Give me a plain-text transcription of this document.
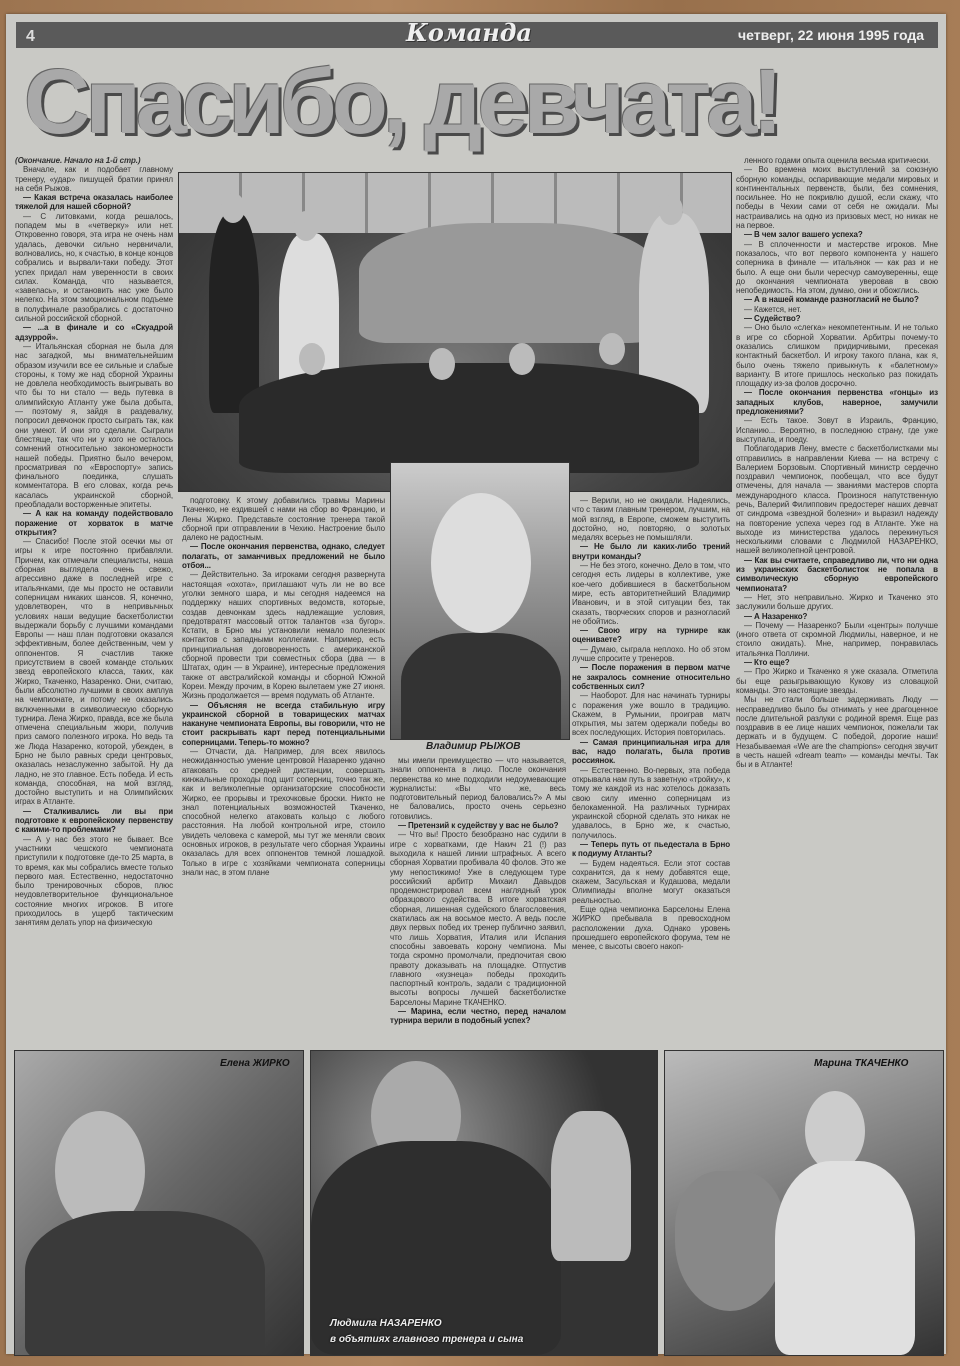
4	Команда	четверг, 22 июня 1995 года
Спасибо, девчата!

(Окончание. Начало на 1-й стр.)

Вначале, как и подобает главному тренеру, «удар» пишущей братии принял на себя Рыжов.

— Какая встреча оказалась наиболее тяжелой для нашей сборной?

— С литовками, когда решалось, попадем мы в «четверку» или нет. Откровенно говоря, эта игра не очень нам удалась, девочки сильно нервничали, волновались, но, к счастью, в конце концов собрались и вырвали-таки победу. Этот успех придал нам уверенности в своих силах. Команда, что называется, «завелась», и остановить нас уже было нелегко. На этом эмоциональном подъеме в полуфинале разобрались с достаточно сильной российской сборной.

— ...а в финале и со «Скуадрой адзуррой».

— Итальянская сборная не была для нас загадкой, мы внимательнейшим образом изучили все ее сильные и слабые стороны, к тому же над сборной Украины не довлела необходимость выигрывать во что бы то ни стало — ведь путевка в олимпийскую Атланту уже была добыта, — поэтому я, зайдя в раздевалку, попросил девчонок просто сыграть так, как они умеют. И они это сделали. Сыграли блестяще, так что ни у кого не осталось сомнений относительно закономерности нашей победы. Приятно было вечером, просматривая по «Евроспорту» запись финального поединка, слушать комментатора. В его словах, когда речь касалась украинской сборной, преобладали восторженные эпитеты.

— А как на команду подействовало поражение от хорваток в матче открытия?

— Спасибо! После этой осечки мы от игры к игре постоянно прибавляли. Причем, как отмечали специалисты, наша сборная выглядела очень свежо, агрессивно даже в последней игре с итальянками, где мы просто не оставили соперницам никаких шансов. Я, конечно, удовлетворен, что в непривычных условиях наши ведущие баскетболистки выдержали борьбу с лучшими командами Европы — наш план подготовки оказался эффективным, более действенным, чем у оппонентов. Я счастлив также присутствием в своей команде стольких звезд европейского класса, таких, как Жирко, Ткаченко, Назаренко. Они, считаю, были абсолютно лучшими в своих амплуа на чемпионате, и потому не оказались включенными в символическую сборную турнира. Лена Жирко, правда, все же была отмечена специальным жюри, получив приз самого полезного игрока. Но ведь та же Люда Назаренко, которой, убежден, в Брно не было равных среди центровых, оказалась незаслуженно забытой. Ну да ладно, не это главное. Есть победа. И есть команда, способная, на мой взгляд, достойно выступить и на Олимпийских играх в Атланте.

— Сталкивались ли вы при подготовке к европейскому первенству с какими-то проблемами?

— А у нас без этого не бывает. Все участники чешского чемпионата приступили к подготовке где-то 25 марта, в то время, как мы собрались вместе только первого мая. Естественно, недостаточно было тренировочных сборов, плюс неудовлетворительное функциональное состояние многих игроков. В итоге приходилось в ущерб тактическим занятиям делать упор на физическую

Владимир РЫЖОВ

подготовку. К этому добавились травмы Марины Ткаченко, не ездившей с нами на сбор во Францию, и Лены Жирко. Представьте состояние тренера такой сборной при отправлении в Чехию. Настроение было далеко не радостным.

— После окончания первенства, однако, следует полагать, от заманчивых предложений не было отбоя...

— Действительно. За игроками сегодня развернута настоящая «охота», приглашают чуть ли не во все уголки земного шара, и мы сегодня надеемся на поддержку наших спортивных ведомств, которые, создав девчонкам здесь надлежащие условия, предотвратят массовый отток талантов «за бугор». Кстати, в Брно мы установили немало полезных контактов с западными коллегами. Например, есть принципиальная договоренность с американской сборной провести три совместных сбора (два — в Штатах, один — в Украине), интересные предложения также от австралийской команды и сборной Южной Кореи. Между прочим, в Корею вылетаем уже 27 июня. Жизнь продолжается — время подумать об Атланте.

— Объясняя не всегда стабильную игру украинской сборной в товарищеских матчах накануне чемпионата Европы, вы говорили, что не стоит раскрывать карт перед потенциальными соперницами. Теперь-то можно?

— Отчасти, да. Например, для всех явилось неожиданностью умение центровой Назаренко удачно атаковать со средней дистанции, совершать кинжальные проходы под щит соперниц, точно так же, как и великолепные организаторские способности Жирко, ее прорывы и трехочковые броски. Никто не знал потенциальных возможностей Ткаченко, способной нелегко атаковать кольцо с любого расстояния. На любой контрольной игре, стоило увидеть человека с камерой, мы тут же меняли своих основных игроков, в результате чего сборная Украины оказалась для всех оппонентов темной лошадкой. Только в игре с хозяйками чемпионата соперницы знали нас, в этом плане

мы имели преимущество — что называется, знали оппонента в лицо. После окончания первенства ко мне подходили недоумевающие журналисты: «Вы что же, весь подготовительный период баловались?» А мы не баловались, просто очень серьезно готовились.

— Претензий к судейству у вас не было?

— Что вы! Просто безобразно нас судили в игре с хорватками, где Накич 21 (!) раз выходила к нашей линии штрафных. А всего сборная Хорватии пробивала 40 фолов. Это же уму непостижимо! Уже в следующем туре российский арбитр Михаил Давыдов продемонстрировал всем наглядный урок образцового судейства. В итоге хорватская сборная, лишенная судейского благословения, скатилась аж на восьмое место. А ведь после двух первых побед их тренер публично заявил, что лишь Хорватия, Италия или Испания способны завоевать корону чемпиона. Мы тогда скромно промолчали, предпочитая свою правоту доказывать на площадке. Отпустив главного «кузнеца» победы проходить паспортный контроль, задали с традиционной высоты вопросы лучшей баскетболистке Барселоны Марине ТКАЧЕНКО.

— Марина, если честно, перед началом турнира верили в подобный успех?

— Верили, но не ожидали. Надеялись, что с таким главным тренером, лучшим, на мой взгляд, в Европе, сможем выступить достойно, но, повторяю, о золотых медалях всерьез не помышляли.

— Не было ли каких-либо трений внутри команды?

— Не без этого, конечно. Дело в том, что сегодня есть лидеры в коллективе, уже кое-чего добившиеся в баскетбольном мире, есть авторитетнейший Владимир Иванович, и в этой ситуации без, так сказать, творческих споров и разногласий не обойтись.

— Свою игру на турнире как оцениваете?

— Думаю, сыграла неплохо. Но об этом лучше спросите у тренеров.

— После поражения в первом матче не закралось сомнение относительно собственных сил?

— Наоборот. Для нас начинать турниры с поражения уже вошло в традицию. Скажем, в Румынии, проиграв матч открытия, мы затем одержали победы во всех последующих. История повторилась.

— Самая принципиальная игра для вас, надо полагать, была против россиянок.

— Естественно. Во-первых, эта победа открывала нам путь в заветную «тройку», к тому же каждой из нас хотелось доказать свою силу именно соперницам из белокаменной. На различных турнирах украинской сборной сделать это никак не удавалось, в Брно же, к счастью, получилось.

— Теперь путь от пьедестала в Брно к подиуму Атланты?

— Будем надеяться. Если этот состав сохранится, да к нему добавятся еще, скажем, Засульская и Кудашова, медали Олимпиады вполне могут оказаться реальностью.

Еще одна чемпионка Барселоны Елена ЖИРКО пребывала в превосходном расположении духа. Однако уровень прошедшего европейского форума, тем не менее, с высоты своего накоп-

ленного годами опыта оценила весьма критически.

— Во времена моих выступлений за союзную сборную команды, оспаривающие медали мировых и континентальных первенств, были, без сомнения, посильнее. Но не покривлю душой, если скажу, что победы в Чехии сами от себя не ожидали. Мы настраивались на одно из призовых мест, но никак не на первое.

— В чем залог вашего успеха?

— В сплоченности и мастерстве игроков. Мне показалось, что вот первого компонента у нашего соперника в финале — итальянок — как раз и не было. А еще они были чересчур самоуверенны, еще до окончания чемпионата уверовав в свою непобедимость. На этом, думаю, они и обожглись.

— А в нашей команде разногласий не было?

— Кажется, нет.

— Судейство?

— Оно было «слегка» некомпетентным. И не только в игре со сборной Хорватии. Арбитры почему-то оказались слишком придирчивыми, пресекая контактный баскетбол. И игроку такого плана, как я, было очень тяжело привыкнуть к «балетному» варианту. В итоге пришлось несколько раз покидать площадку из-за фолов досрочно.

— После окончания первенства «гонцы» из западных клубов, наверное, замучили предложениями?

— Есть такое. Зовут в Израиль, Францию, Испанию... Вероятно, в последнюю страну, где уже выступала, и поеду.

Поблагодарив Лену, вместе с баскетболистками мы отправились в направлении Киева — на встречу с Валерием Борзовым. Спортивный министр сердечно поздравил чемпионок, пообещал, что все будут отмечены, для начала — званиями мастеров спорта международного класса. Произнося напутственную речь, Валерий Филиппович предостерег наших девчат от синдрома «звездной болезни» и выразил надежду на повторение успеха через год в Атланте. Уже на выходе из министерства удалось перекинуться несколькими словами с Людмилой НАЗАРЕНКО, нашей великолепной центровой.

— Как вы считаете, справедливо ли, что ни одна из украинских баскетболисток не попала в символическую сборную европейского чемпионата?

— Нет, это неправильно. Жирко и Ткаченко это заслужили больше других.

— А Назаренко?

— Почему — Назаренко? Были «центры» получше (иного ответа от скромной Людмилы, наверное, и не стоило ожидать). Мне, например, понравилась итальянка Поллини.

— Кто еще?

— Про Жирко и Ткаченко я уже сказала. Отметила бы еще разыгрывающую Кукову из словацкой команды. Это настоящие звезды.

Мы не стали больше задерживать Люду — несправедливо было бы отнимать у нее драгоценное после длительной разлуки с родиной время. Еще раз поздравив в ее лице наших чемпионок, пожелали так держать и в будущем. С победой, дорогие наши! Незабываемая «We are the champions» сегодня звучит в честь нашей «dream team» — команды мечты. Так бы и в Атланте!

Елена ЖИРКО
Людмила НАЗАРЕНКО
в объятиях главного тренера и сына
Марина ТКАЧЕНКО
